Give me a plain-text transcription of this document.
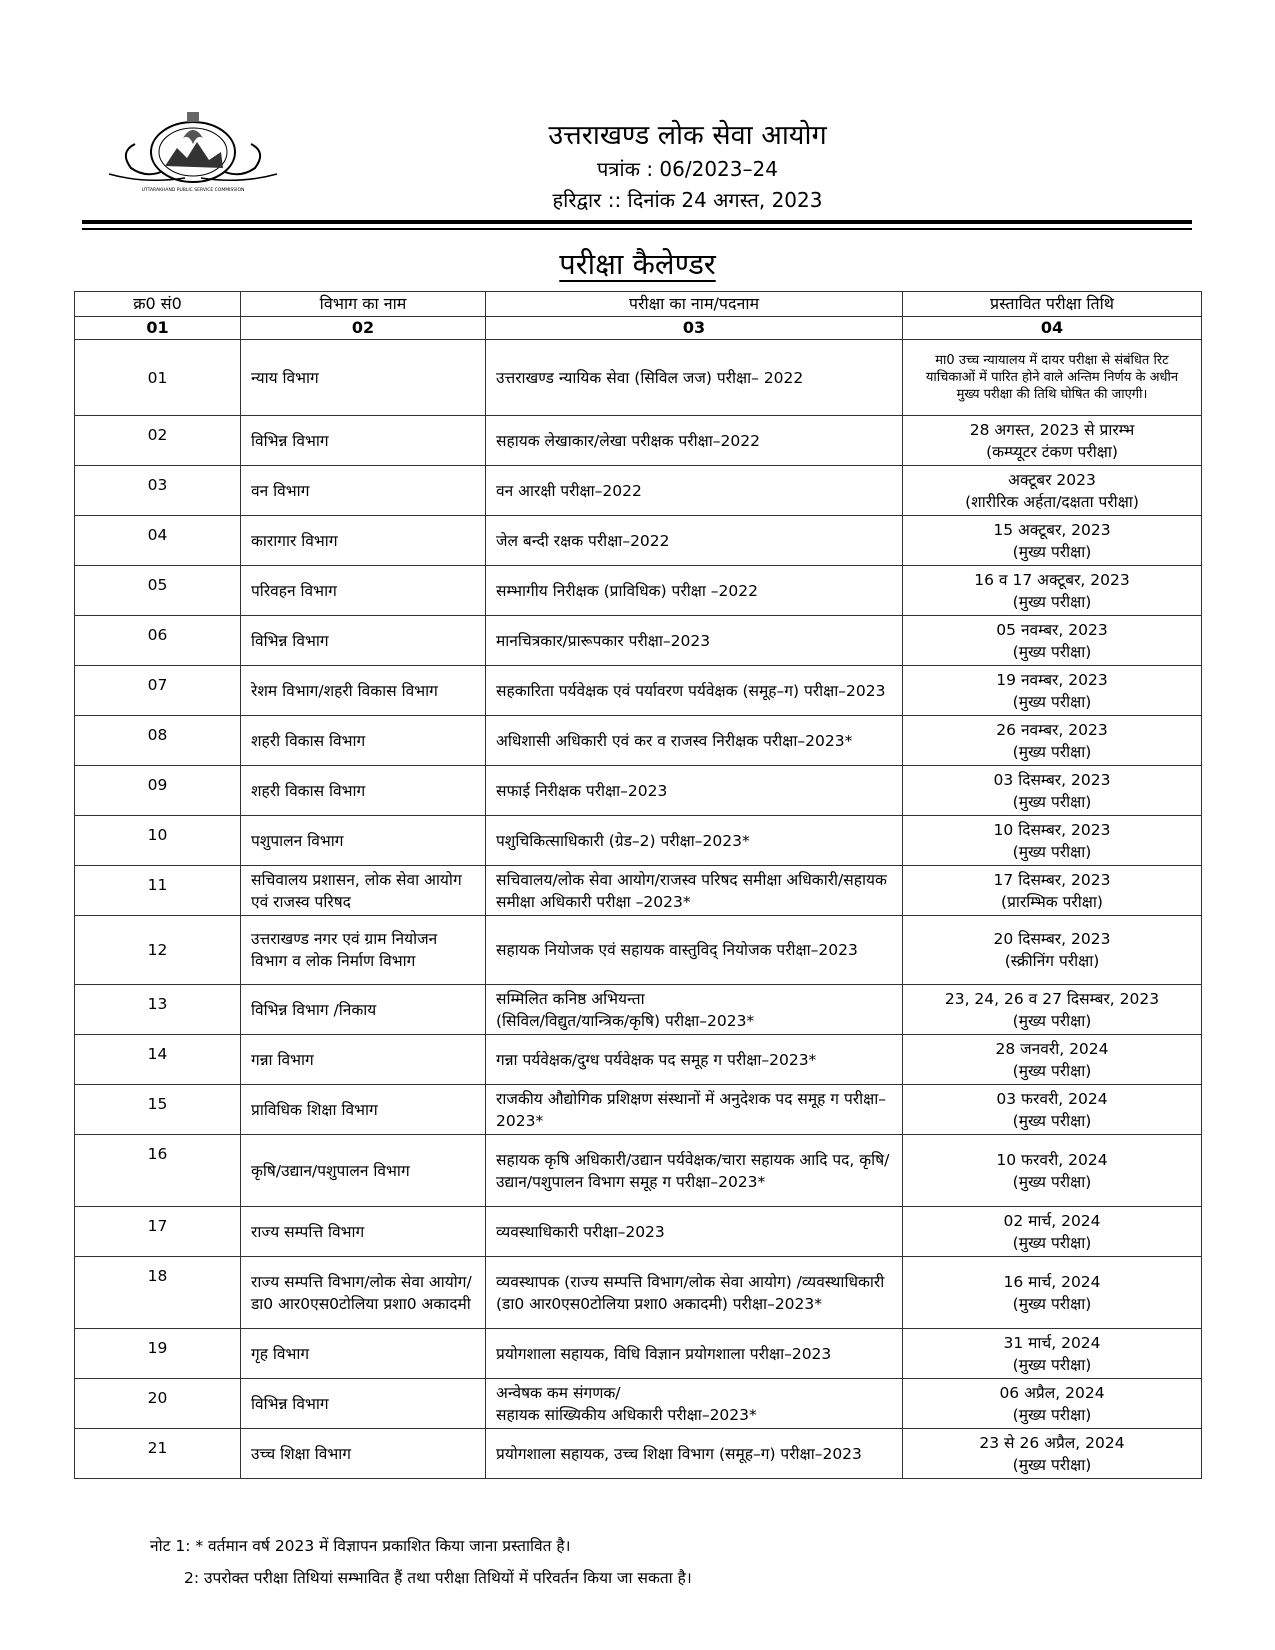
UTTARAKHAND PUBLIC SERVICE COMMISSION
उत्तराखण्ड लोक सेवा आयोग
पत्रांक : 06/2023–24
हरिद्वार :: दिनांक 24 अगस्त, 2023
परीक्षा कैलेण्डर
क्र0 सं0	विभाग का नाम	परीक्षा का नाम/पदनाम	प्रस्तावित परीक्षा तिथि
01	02	03	04
01	न्याय विभाग	उत्तराखण्ड न्यायिक सेवा (सिविल जज) परीक्षा– 2022	मा0 उच्च न्यायालय में दायर परीक्षा से संबंधित रिट याचिकाओं में पारित होने वाले अन्तिम निर्णय के अधीन मुख्य परीक्षा की तिथि घोषित की जाएगी।
02	विभिन्न विभाग	सहायक लेखाकार/लेखा परीक्षक परीक्षा–2022	28 अगस्त, 2023 से प्रारम्भ
(कम्प्यूटर टंकण परीक्षा)
03	वन विभाग	वन आरक्षी परीक्षा–2022	अक्टूबर 2023
(शारीरिक अर्हता/दक्षता परीक्षा)
04	कारागार विभाग	जेल बन्दी रक्षक परीक्षा–2022	15 अक्टूबर, 2023
(मुख्य परीक्षा)
05	परिवहन विभाग	सम्भागीय निरीक्षक (प्राविधिक) परीक्षा –2022	16 व 17 अक्टूबर, 2023
(मुख्य परीक्षा)
06	विभिन्न विभाग	मानचित्रकार/प्रारूपकार परीक्षा–2023	05 नवम्बर, 2023
(मुख्य परीक्षा)
07	रेशम विभाग/शहरी विकास विभाग	सहकारिता पर्यवेक्षक एवं पर्यावरण पर्यवेक्षक (समूह–ग) परीक्षा–2023	19 नवम्बर, 2023
(मुख्य परीक्षा)
08	शहरी विकास विभाग	अधिशासी अधिकारी एवं कर व राजस्व निरीक्षक परीक्षा–2023*	26 नवम्बर, 2023
(मुख्य परीक्षा)
09	शहरी विकास विभाग	सफाई निरीक्षक परीक्षा–2023	03 दिसम्बर, 2023
(मुख्य परीक्षा)
10	पशुपालन विभाग	पशुचिकित्साधिकारी (ग्रेड–2) परीक्षा–2023*	10 दिसम्बर, 2023
(मुख्य परीक्षा)
11	सचिवालय प्रशासन, लोक सेवा आयोग एवं राजस्व परिषद	सचिवालय/लोक सेवा आयोग/राजस्व परिषद समीक्षा अधिकारी/सहायक समीक्षा अधिकारी परीक्षा –2023*	17 दिसम्बर, 2023
(प्रारम्भिक परीक्षा)
12	उत्तराखण्ड नगर एवं ग्राम नियोजन विभाग व लोक निर्माण विभाग	सहायक नियोजक एवं सहायक वास्तुविद् नियोजक परीक्षा–2023	20 दिसम्बर, 2023
(स्क्रीनिंग परीक्षा)
13	विभिन्न विभाग /निकाय	सम्मिलित कनिष्ठ अभियन्ता
(सिविल/विद्युत/यान्त्रिक/कृषि) परीक्षा–2023*	23, 24, 26 व 27 दिसम्बर, 2023
(मुख्य परीक्षा)
14	गन्ना विभाग	गन्ना पर्यवेक्षक/दुग्ध पर्यवेक्षक पद समूह ग परीक्षा–2023*	28 जनवरी, 2024
(मुख्य परीक्षा)
15	प्राविधिक शिक्षा विभाग	राजकीय औद्योगिक प्रशिक्षण संस्थानों में अनुदेशक पद समूह ग परीक्षा–2023*	03 फरवरी, 2024
(मुख्य परीक्षा)
16	कृषि/उद्यान/पशुपालन विभाग	सहायक कृषि अधिकारी/उद्यान पर्यवेक्षक/चारा सहायक आदि पद, कृषि/उद्यान/पशुपालन विभाग समूह ग परीक्षा–2023*	10 फरवरी, 2024
(मुख्य परीक्षा)
17	राज्य सम्पत्ति विभाग	व्यवस्थाधिकारी परीक्षा–2023	02 मार्च, 2024
(मुख्य परीक्षा)
18	राज्य सम्पत्ति विभाग/लोक सेवा आयोग/डा0 आर0एस0टोलिया प्रशा0 अकादमी	व्यवस्थापक (राज्य सम्पत्ति विभाग/लोक सेवा आयोग) /व्यवस्थाधिकारी (डा0 आर0एस0टोलिया प्रशा0 अकादमी) परीक्षा–2023*	16 मार्च, 2024
(मुख्य परीक्षा)
19	गृह विभाग	प्रयोगशाला सहायक, विधि विज्ञान प्रयोगशाला परीक्षा–2023	31 मार्च, 2024
(मुख्य परीक्षा)
20	विभिन्न विभाग	अन्वेषक कम संगणक/
सहायक सांख्यिकीय अधिकारी परीक्षा–2023*	06 अप्रैल, 2024
(मुख्य परीक्षा)
21	उच्च शिक्षा विभाग	प्रयोगशाला सहायक, उच्च शिक्षा विभाग (समूह–ग) परीक्षा–2023	23 से 26 अप्रैल, 2024
(मुख्य परीक्षा)
नोट 1: * वर्तमान वर्ष 2023 में विज्ञापन प्रकाशित किया जाना प्रस्तावित है।
2: उपरोक्त परीक्षा तिथियां सम्भावित हैं तथा परीक्षा तिथियों में परिवर्तन किया जा सकता है।
